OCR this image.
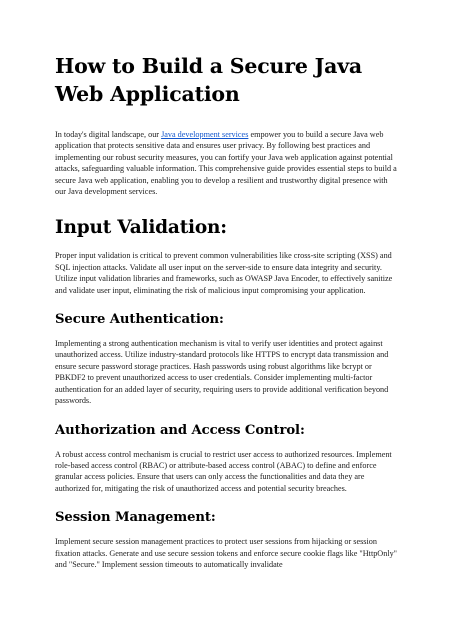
How to Build a Secure Java Web Application

In today's digital landscape, our Java development services empower you to build a secure Java web application that protects sensitive data and ensures user privacy. By following best practices and implementing our robust security measures, you can fortify your Java web application against potential attacks, safeguarding valuable information. This comprehensive guide provides essential steps to build a secure Java web application, enabling you to develop a resilient and trustworthy digital presence with our Java development services.

Input Validation:

Proper input validation is critical to prevent common vulnerabilities like cross-site scripting (XSS) and SQL injection attacks. Validate all user input on the server-side to ensure data integrity and security. Utilize input validation libraries and frameworks, such as OWASP Java Encoder, to effectively sanitize and validate user input, eliminating the risk of malicious input compromising your application.

Secure Authentication:

Implementing a strong authentication mechanism is vital to verify user identities and protect against unauthorized access. Utilize industry-standard protocols like HTTPS to encrypt data transmission and ensure secure password storage practices. Hash passwords using robust algorithms like bcrypt or PBKDF2 to prevent unauthorized access to user credentials. Consider implementing multi-factor authentication for an added layer of security, requiring users to provide additional verification beyond passwords.

Authorization and Access Control:

A robust access control mechanism is crucial to restrict user access to authorized resources. Implement role-based access control (RBAC) or attribute-based access control (ABAC) to define and enforce granular access policies. Ensure that users can only access the functionalities and data they are authorized for, mitigating the risk of unauthorized access and potential security breaches.

Session Management:

Implement secure session management practices to protect user sessions from hijacking or session fixation attacks. Generate and use secure session tokens and enforce secure cookie flags like "HttpOnly" and "Secure." Implement session timeouts to automatically invalidate
